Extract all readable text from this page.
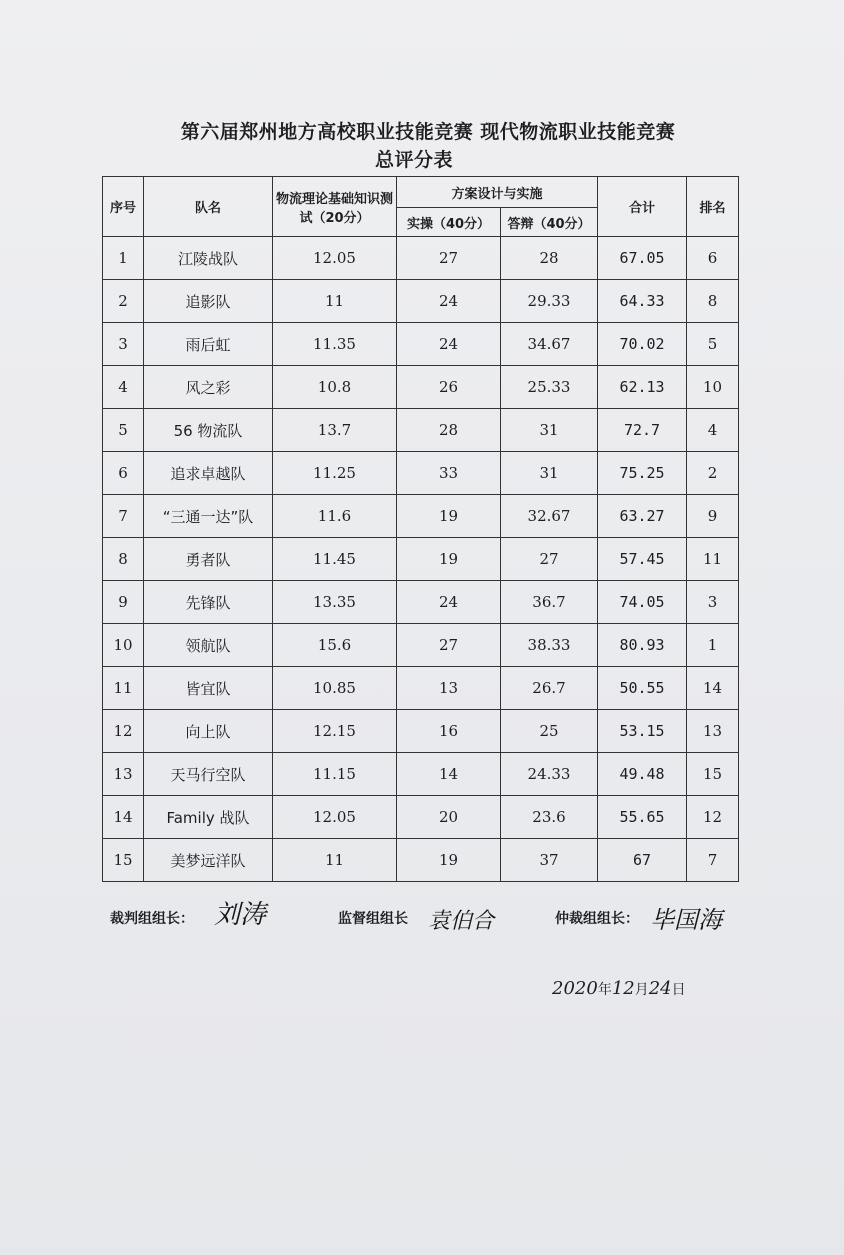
第六届郑州地方高校职业技能竞赛 现代物流职业技能竞赛
总评分表
序号	队名	物流理论基础知识测试（20分）	方案设计与实施		合计	排名
			实操（40分）	答辩（40分）		
1	江陵战队	12.05	27	28	67.05	6
2	追影队	11	24	29.33	64.33	8
3	雨后虹	11.35	24	34.67	70.02	5
4	风之彩	10.8	26	25.33	62.13	10
5	56 物流队	13.7	28	31	72.7	4
6	追求卓越队	11.25	33	31	75.25	2
7	“三通一达”队	11.6	19	32.67	63.27	9
8	勇者队	11.45	19	27	57.45	11
9	先锋队	13.35	24	36.7	74.05	3
10	领航队	15.6	27	38.33	80.93	1
11	皆宜队	10.85	13	26.7	50.55	14
12	向上队	12.15	16	25	53.15	13
13	天马行空队	11.15	14	24.33	49.48	15
14	Family 战队	12.05	20	23.6	55.65	12
15	美梦远洋队	11	19	37	67	7
裁判组组长： 刘涛	监督组组长 袁伯合	仲裁组组长： 毕国海
2020年12月24日
